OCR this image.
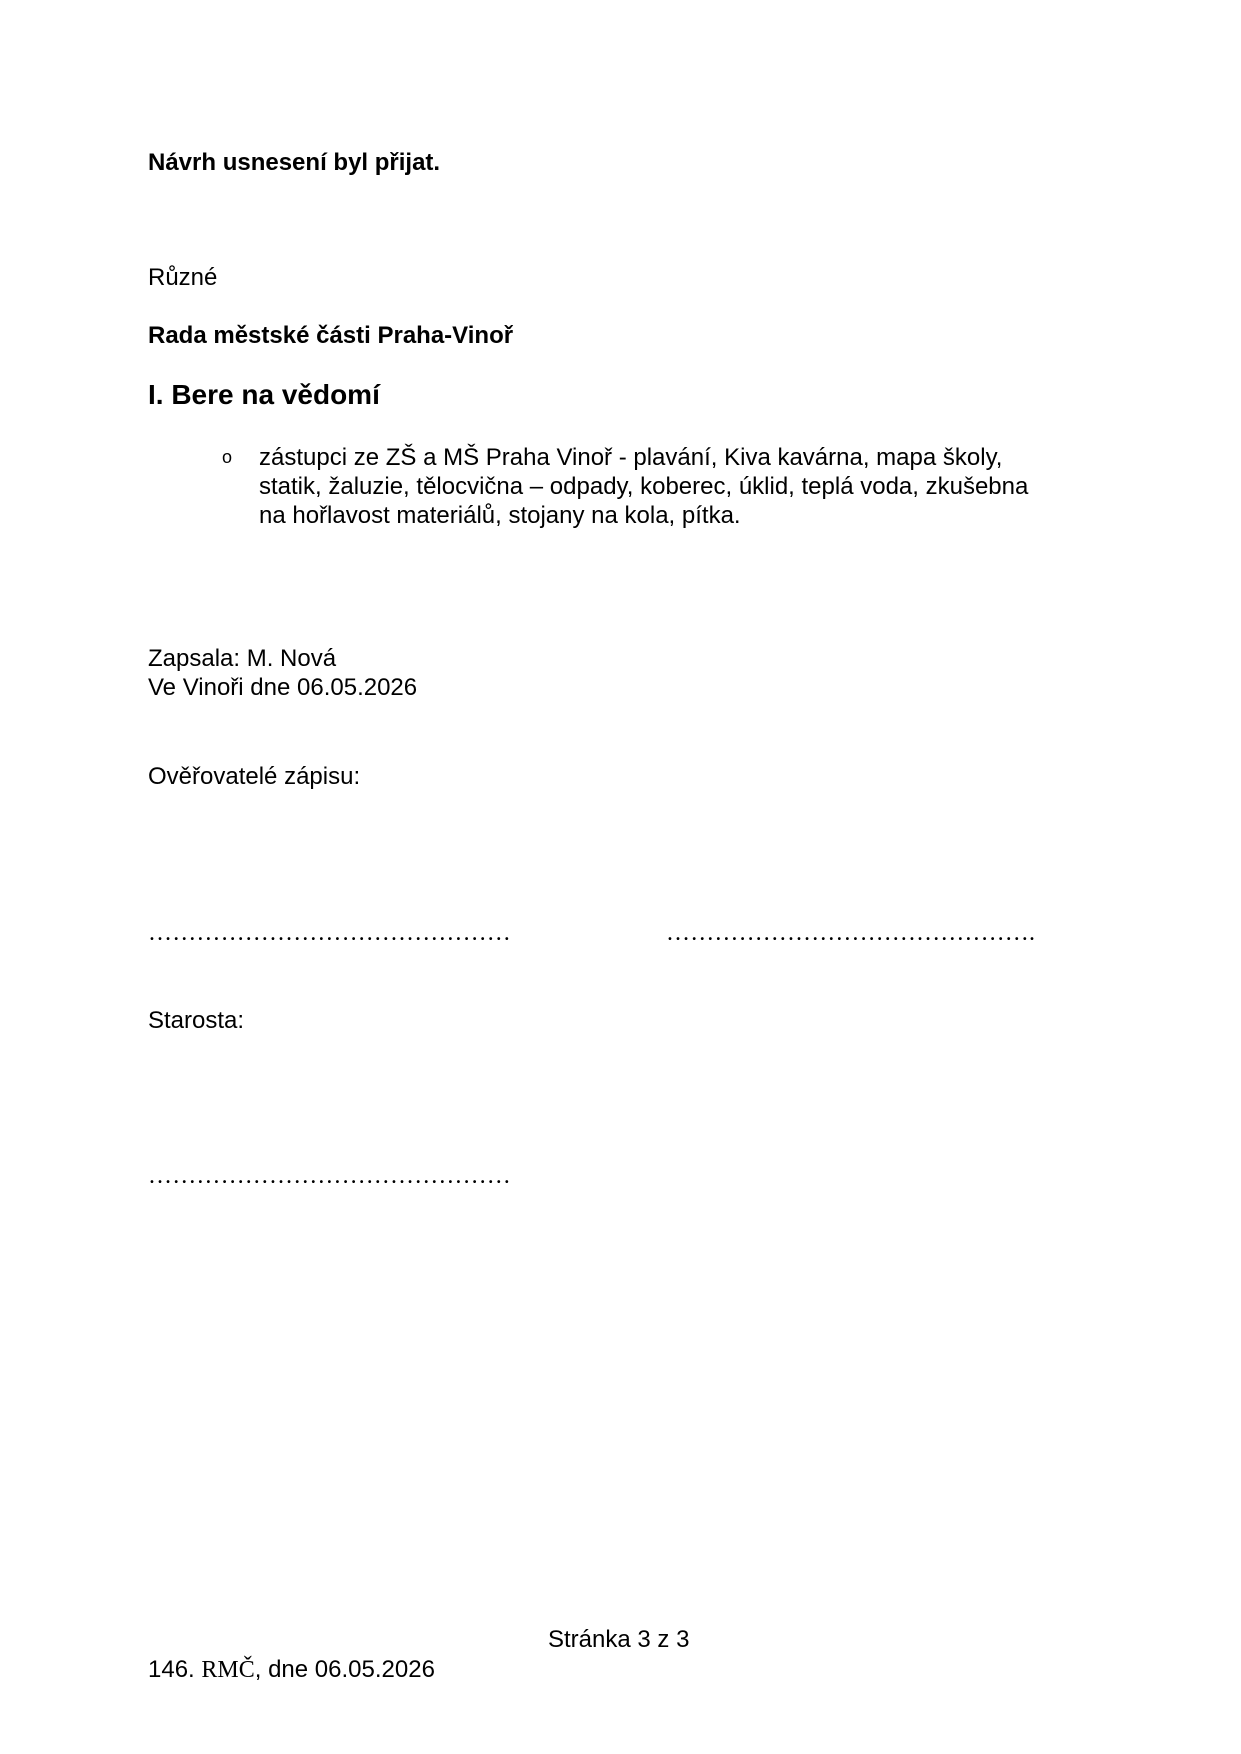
Návrh usnesení byl přijat.
Různé
Rada městské části Praha-Vinoř
I. Bere na vědomí
o zástupci ze ZŠ a MŠ Praha Vinoř - plavání, Kiva kavárna, mapa školy,
statik, žaluzie, tělocvična – odpady, koberec, úklid, teplá voda, zkušebna
na hořlavost materiálů, stojany na kola, pítka.
Zapsala: M. Nová
Ve Vinoři dne 06.05.2026
Ověřovatelé zápisu:
………………………………………	……………………………………….
Starosta:
………………………………………
Stránka 3 z 3
146. RMČ, dne 06.05.2026
